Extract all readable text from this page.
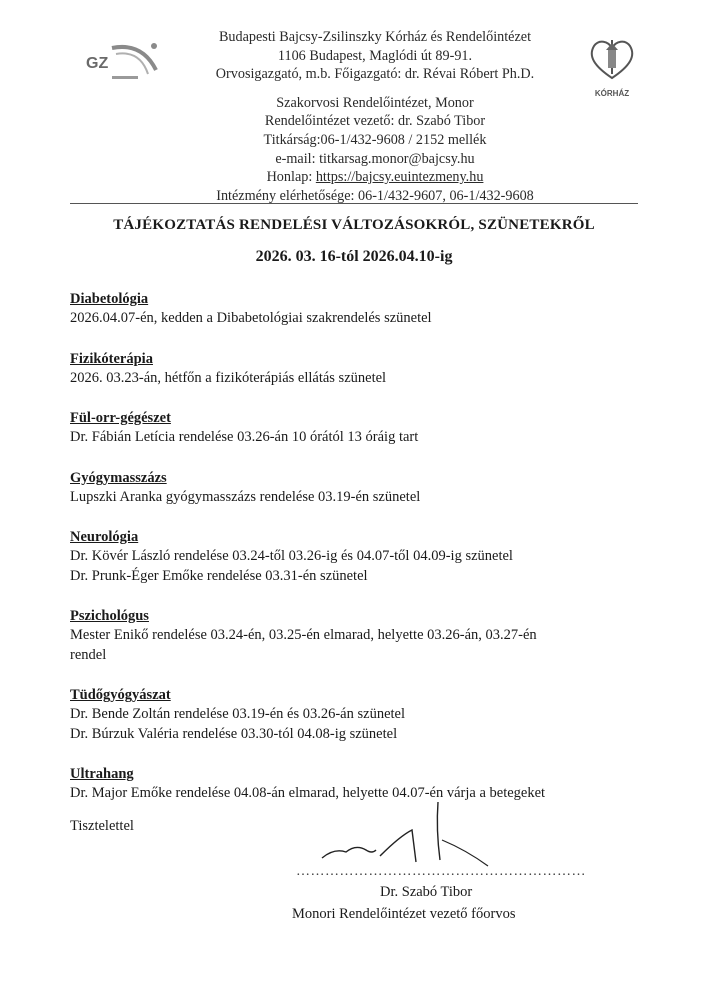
GZ
Budapesti Bajcsy-Zsilinszky Kórház és Rendelőintézet
1106 Budapest, Maglódi út 89-91.
Orvosigazgató, m.b. Főigazgató: dr. Révai Róbert Ph.D.
Szakorvosi Rendelőintézet, Monor
Rendelőintézet vezető: dr. Szabó Tibor
Titkárság:06-1/432-9608 / 2152 mellék
e-mail: titkarsag.monor@bajcsy.hu
Honlap: https://bajcsy.euintezmeny.hu
Intézmény elérhetősége: 06-1/432-9607, 06-1/432-9608
KÓRHÁZ
TÁJÉKOZTATÁS RENDELÉSI VÁLTOZÁSOKRÓL, SZÜNETEKRŐL
2026. 03. 16-tól 2026.04.10-ig
Diabetológia
2026.04.07-én, kedden a Dibabetológiai szakrendelés szünetel
Fizikóterápia
2026. 03.23-án, hétfőn a fizikóterápiás ellátás szünetel
Fül-orr-gégészet
Dr. Fábián Letícia rendelése 03.26-án 10 órától 13 óráig tart
Gyógymasszázs
Lupszki Aranka gyógymasszázs rendelése 03.19-én szünetel
Neurológia
Dr. Kövér László rendelése 03.24-től 03.26-ig és 04.07-től 04.09-ig szünetel
Dr. Prunk-Éger Emőke rendelése 03.31-én szünetel
Pszichológus
Mester Enikő rendelése 03.24-én, 03.25-én elmarad, helyette 03.26-án, 03.27-én
rendel
Tüdőgyógyászat
Dr. Bende Zoltán rendelése 03.19-én és 03.26-án szünetel
Dr. Búrzuk Valéria rendelése 03.30-tól 04.08-ig szünetel
Ultrahang
Dr. Major Emőke rendelése 04.08-án elmarad, helyette 04.07-én várja a betegeket
Tisztelettel
……………………………………………………
Dr. Szabó Tibor
Monori Rendelőintézet vezető főorvos
